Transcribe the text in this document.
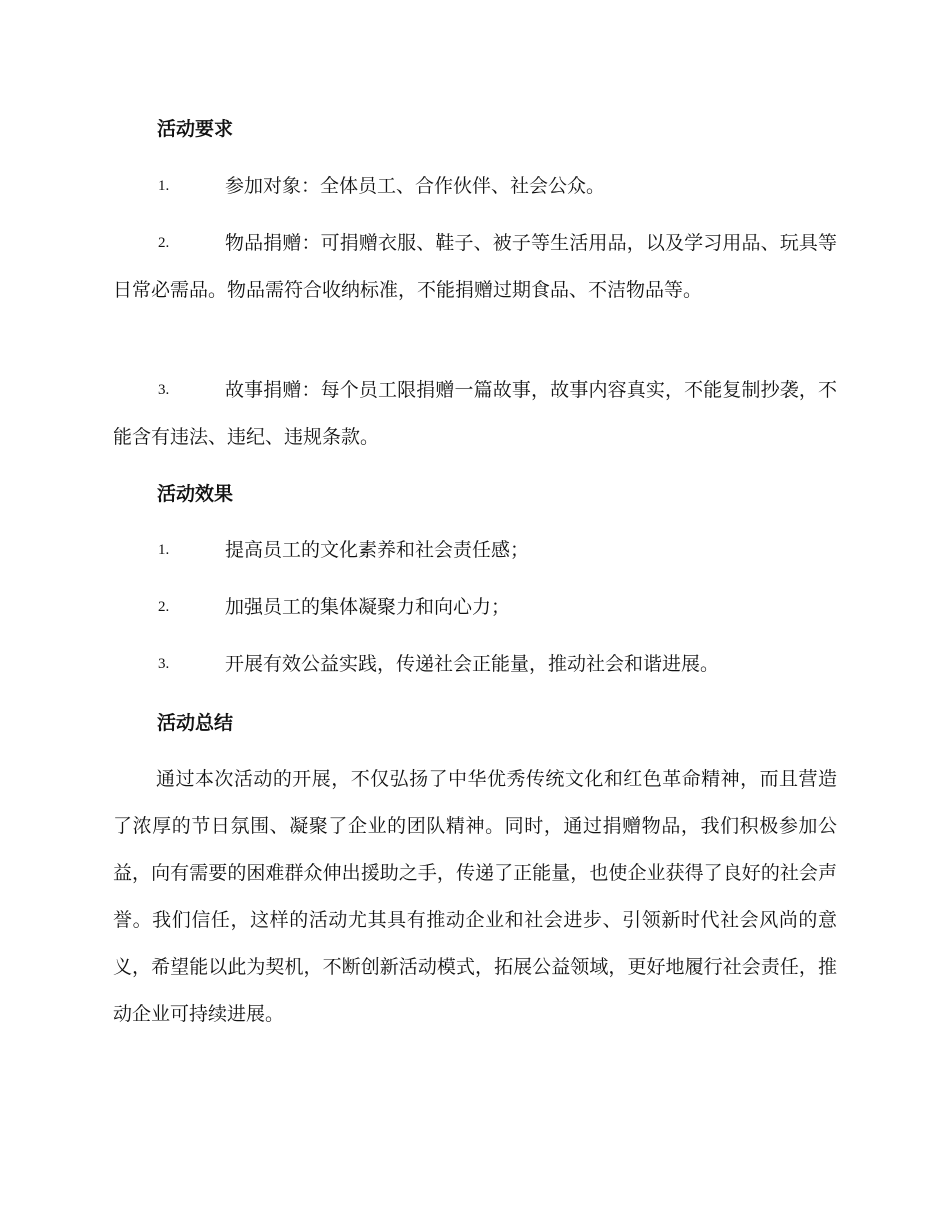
活动要求
1.	参加对象：全体员工、合作伙伴、社会公众。
2.	物品捐赠：可捐赠衣服、鞋子、被子等生活用品，以及学习用品、玩具等日常必需品。物品需符合收纳标准，不能捐赠过期食品、不洁物品等。
3.	故事捐赠：每个员工限捐赠一篇故事，故事内容真实，不能复制抄袭，不能含有违法、违纪、违规条款。
活动效果
1.	提高员工的文化素养和社会责任感；
2.	加强员工的集体凝聚力和向心力；
3.	开展有效公益实践，传递社会正能量，推动社会和谐进展。
活动总结
通过本次活动的开展，不仅弘扬了中华优秀传统文化和红色革命精神，而且营造了浓厚的节日氛围、凝聚了企业的团队精神。同时，通过捐赠物品，我们积极参加公益，向有需要的困难群众伸出援助之手，传递了正能量，也使企业获得了良好的社会声誉。我们信任，这样的活动尤其具有推动企业和社会进步、引领新时代社会风尚的意义，希望能以此为契机，不断创新活动模式，拓展公益领域，更好地履行社会责任，推动企业可持续进展。
